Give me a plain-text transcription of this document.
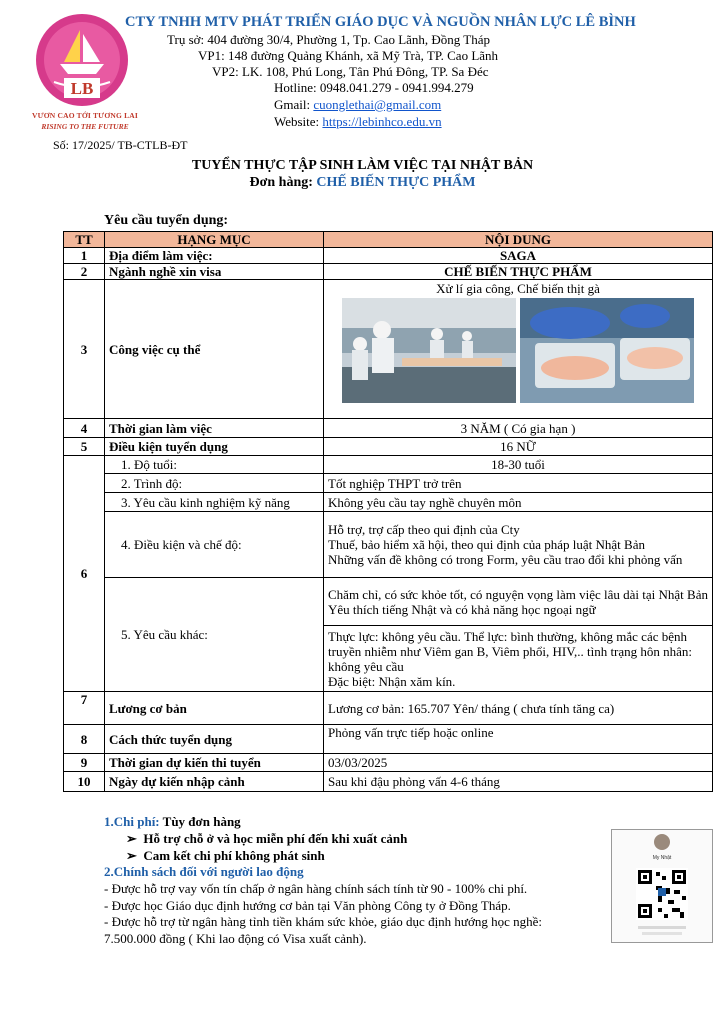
LB
VƯƠN CAO TỚI TƯƠNG LAI
RISING TO THE FUTURE
CTY TNHH MTV PHÁT TRIỂN GIÁO DỤC VÀ NGUỒN NHÂN LỰC LÊ BÌNH
Trụ sở: 404 đường 30/4, Phường 1, Tp. Cao Lãnh, Đồng Tháp
VP1: 148 đường Quảng Khánh, xã Mỹ Trà, TP. Cao Lãnh
VP2: LK. 108, Phú Long, Tân Phú Đông, TP. Sa Đéc
Hotline: 0948.041.279 - 0941.994.279
Gmail: cuonglethai@gmail.com
Website: https://lebinhco.edu.vn
Số: 17/2025/ TB-CTLB-ĐT
TUYỂN THỰC TẬP SINH LÀM VIỆC TẠI NHẬT BẢN
Đơn hàng: CHẾ BIẾN THỰC PHẨM
Yêu cầu tuyển dụng:
TT	HẠNG MỤC	NỘI DUNG
1	Địa điểm làm việc:	SAGA
2	Ngành nghề xin visa	CHẾ BIẾN THỰC PHẨM
3	Công việc cụ thể	Xử lí gia công, Chế biến thịt gà

4	Thời gian làm việc	3 NĂM ( Có gia hạn )
5	Điều kiện tuyển dụng	16 NỮ
6	1. Độ tuổi:	18-30 tuổi
	2. Trình độ:	Tốt nghiệp THPT trở trên
	3. Yêu cầu kinh nghiệm kỹ năng	Không yêu cầu tay nghề chuyên môn
	4. Điều kiện và chế độ:	Hỗ trợ, trợ cấp theo qui định của Cty
Thuế, bảo hiểm xã hội, theo qui định của pháp luật Nhật Bản
Những vấn đề không có trong Form, yêu cầu trao đổi khi phỏng vấn

	5. Yêu cầu khác:	Chăm chỉ, có sức khỏe tốt, có nguyện vọng làm việc lâu dài tại Nhật Bản
Yêu thích tiếng Nhật và có khả năng học ngoại ngữ

		Thực lực: không yêu cầu. Thể lực: bình thường, không mắc các bệnh truyền nhiễm như Viêm gan B, Viêm phổi, HIV,.. tình trạng hôn nhân: không yêu cầu
Đặc biệt: Nhận xăm kín.

7	Lương cơ bản	Lương cơ bản: 165.707 Yên/ tháng ( chưa tính tăng ca)
8	Cách thức tuyển dụng	Phỏng vấn trực tiếp hoặc online
9	Thời gian dự kiến thi tuyển	03/03/2025
10	Ngày dự kiến nhập cảnh	Sau khi đậu phỏng vấn 4-6 tháng
1.Chi phí: Tùy đơn hàng
➢ Hỗ trợ chỗ ở và học miễn phí đến khi xuất cảnh
➢ Cam kết chi phí không phát sinh
2.Chính sách đối với người lao động
- Được hỗ trợ vay vốn tín chấp ở ngân hàng chính sách tính từ 90 - 100% chi phí.
- Được học Giáo dục định hướng cơ bản tại Văn phòng Công ty ở Đồng Tháp.
- Được hỗ trợ từ ngân hàng tỉnh tiền khám sức khỏe, giáo dục định hướng học nghề:
7.500.000 đồng ( Khi lao động có Visa xuất cảnh).
My Nhật
